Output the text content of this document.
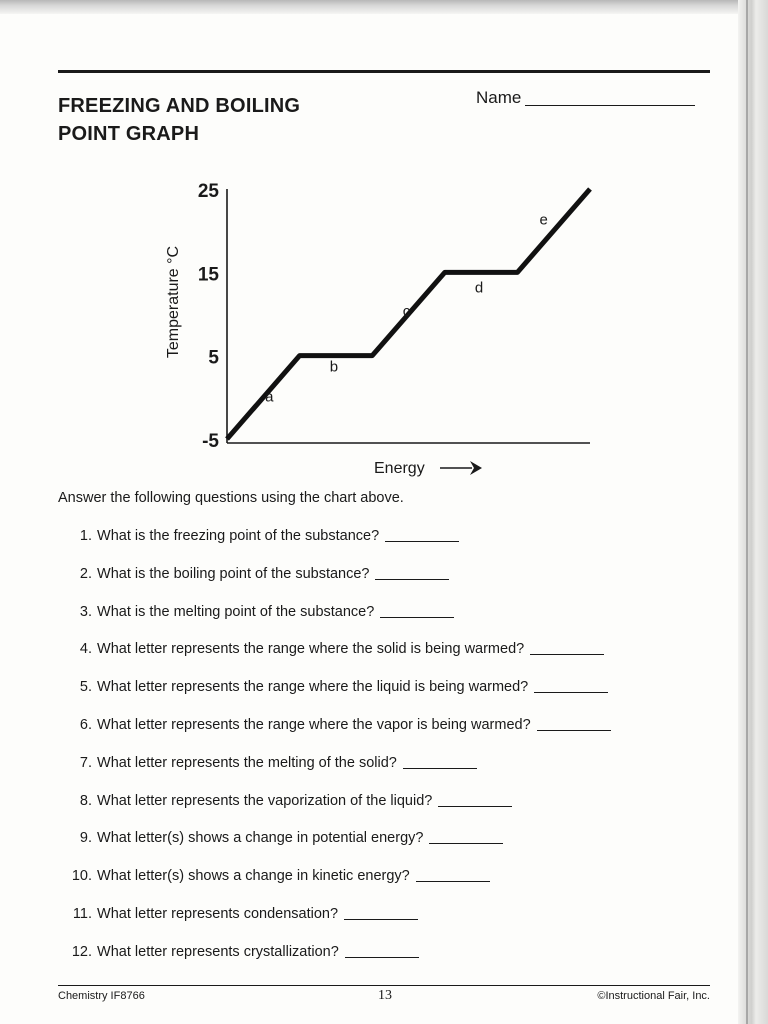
FREEZING AND BOILING
POINT GRAPH
Name
-5
5
15
25
Temperature °C
Energy
a
b
c
d
e
Answer the following questions using the chart above.
1. What is the freezing point of the substance?
2. What is the boiling point of the substance?
3. What is the melting point of the substance?
4. What letter represents the range where the solid is being warmed?
5. What letter represents the range where the liquid is being warmed?
6. What letter represents the range where the vapor is being warmed?
7. What letter represents the melting of the solid?
8. What letter represents the vaporization of the liquid?
9. What letter(s) shows a change in potential energy?
10. What letter(s) shows a change in kinetic energy?
11. What letter represents condensation?
12. What letter represents crystallization?
Chemistry IF8766	13	©Instructional Fair, Inc.
